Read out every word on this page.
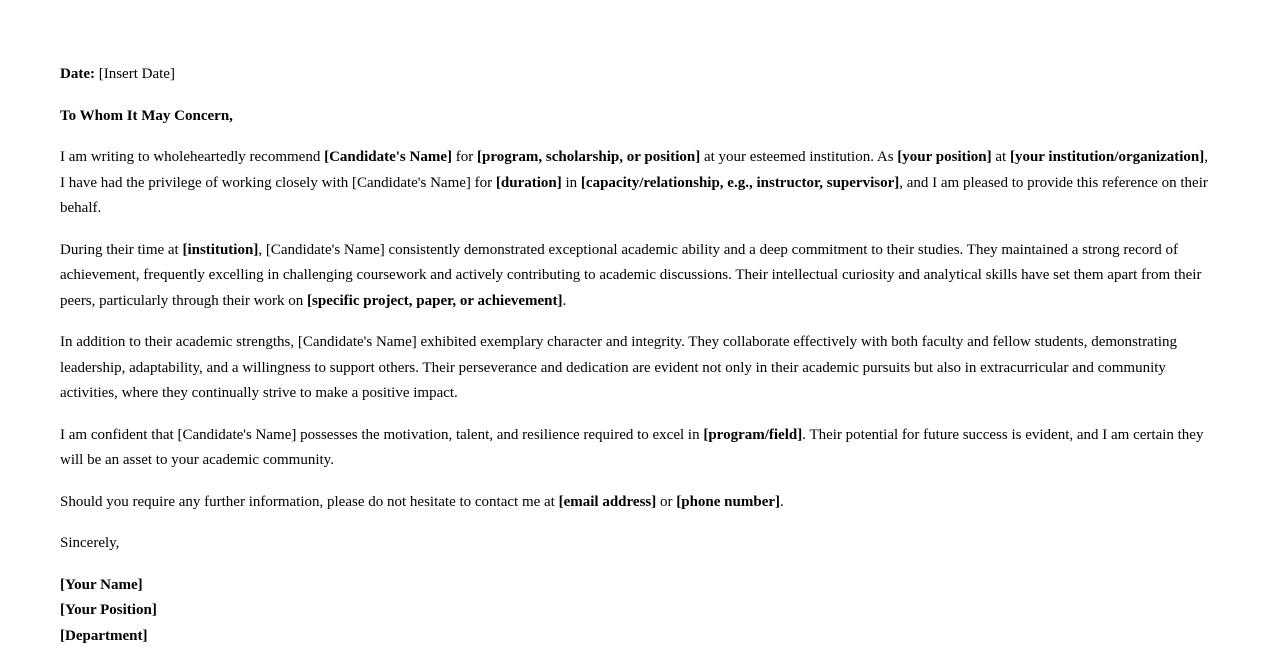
Date: [Insert Date]
To Whom It May Concern,
I am writing to wholeheartedly recommend [Candidate's Name] for [program, scholarship, or position] at your esteemed institution. As [your position] at [your institution/organization], I have had the privilege of working closely with [Candidate's Name] for [duration] in [capacity/relationship, e.g., instructor, supervisor], and I am pleased to provide this reference on their behalf.
During their time at [institution], [Candidate's Name] consistently demonstrated exceptional academic ability and a deep commitment to their studies. They maintained a strong record of achievement, frequently excelling in challenging coursework and actively contributing to academic discussions. Their intellectual curiosity and analytical skills have set them apart from their peers, particularly through their work on [specific project, paper, or achievement].
In addition to their academic strengths, [Candidate's Name] exhibited exemplary character and integrity. They collaborate effectively with both faculty and fellow students, demonstrating leadership, adaptability, and a willingness to support others. Their perseverance and dedication are evident not only in their academic pursuits but also in extracurricular and community activities, where they continually strive to make a positive impact.
I am confident that [Candidate's Name] possesses the motivation, talent, and resilience required to excel in [program/field]. Their potential for future success is evident, and I am certain they will be an asset to your academic community.
Should you require any further information, please do not hesitate to contact me at [email address] or [phone number].
Sincerely,
[Your Name]
[Your Position]
[Department]
